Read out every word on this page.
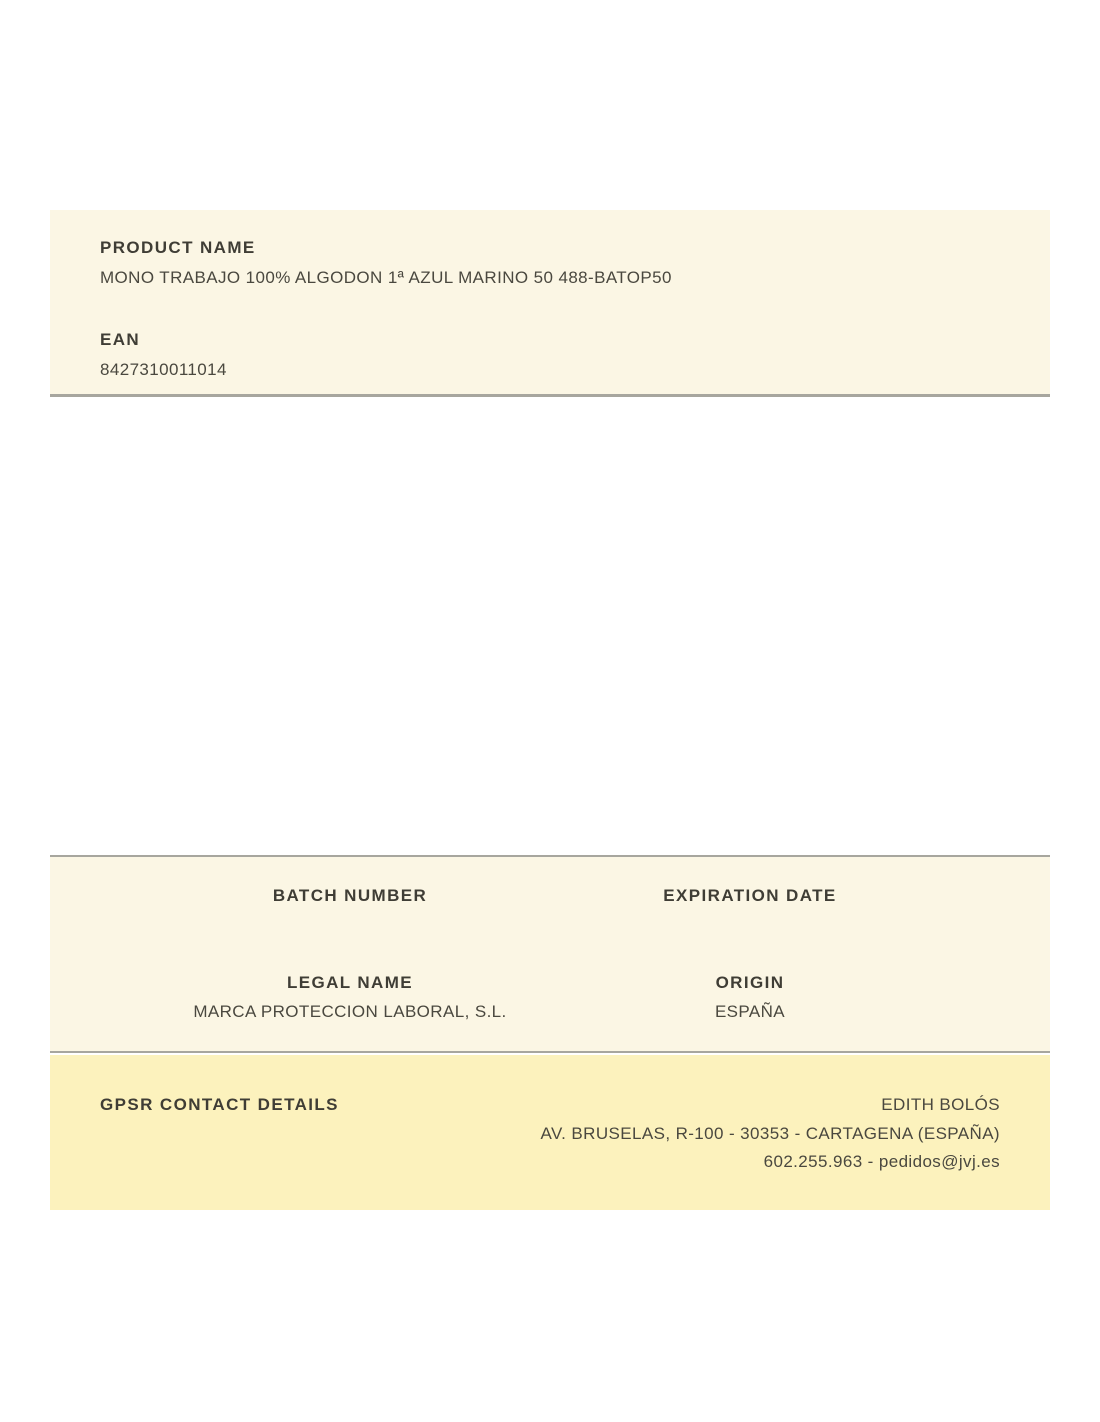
PRODUCT NAME
MONO TRABAJO 100% ALGODON 1ª AZUL MARINO 50 488-BATOP50
EAN
8427310011014
BATCH NUMBER	EXPIRATION DATE
LEGAL NAME
MARCA PROTECCION LABORAL, S.L.
ORIGIN
ESPAÑA
GPSR CONTACT DETAILS	EDITH BOLÓS
AV. BRUSELAS, R-100 - 30353 - CARTAGENA (ESPAÑA)
602.255.963 - pedidos@jvj.es
